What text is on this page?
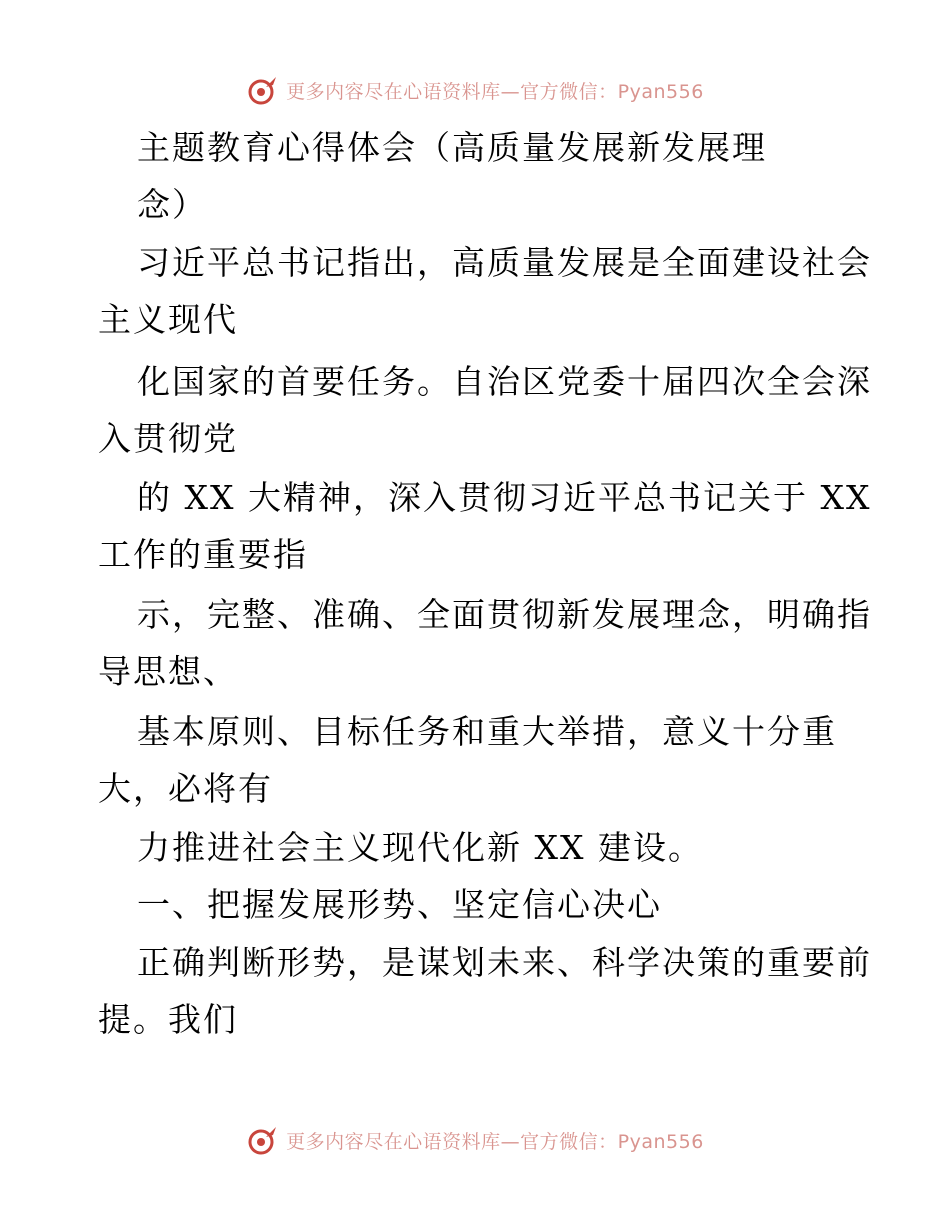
更多内容尽在心语资料库—官方微信：Pyan556
主题教育心得体会（高质量发展新发展理
念）
习近平总书记指出，高质量发展是全面建设社会
主义现代
化国家的首要任务。自治区党委十届四次全会深
入贯彻党
的 XX 大精神，深入贯彻习近平总书记关于 XX
工作的重要指
示，完整、准确、全面贯彻新发展理念，明确指
导思想、
基本原则、目标任务和重大举措，意义十分重
大，必将有
力推进社会主义现代化新 XX 建设。
一、把握发展形势、坚定信心决心
正确判断形势，是谋划未来、科学决策的重要前
提。我们
更多内容尽在心语资料库—官方微信：Pyan556
